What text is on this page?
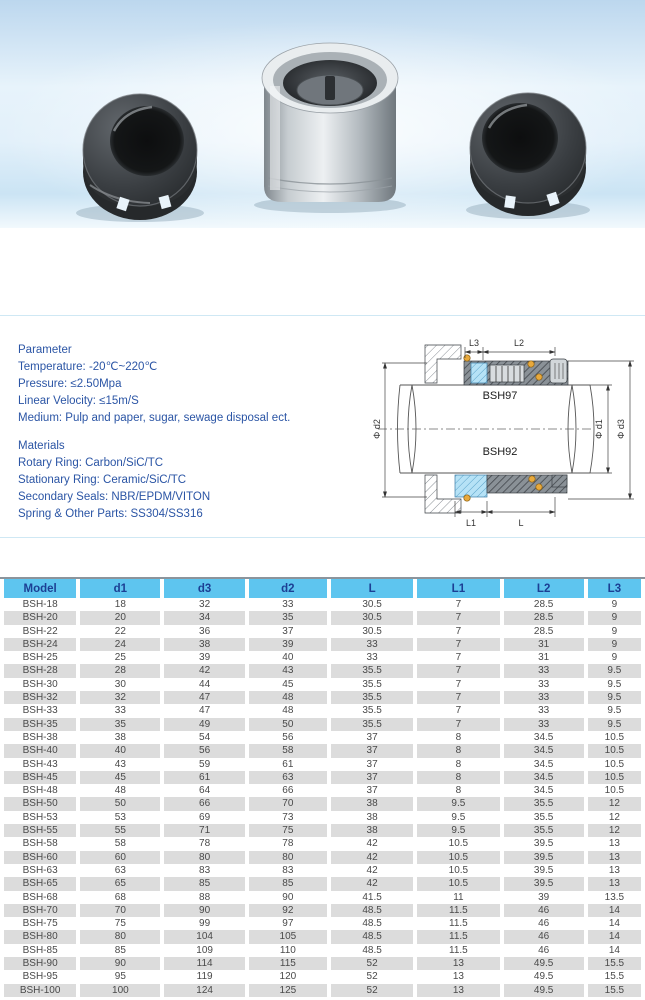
Parameter
Temperature: -20℃~220℃
Pressure: ≤2.50Mpa
Linear Velocity: ≤15m/S
Medium: Pulp and paper, sugar, sewage disposal ect.
Materials
Rotary Ring: Carbon/SiC/TC
Stationary Ring: Ceramic/SiC/TC
Secondary Seals: NBR/EPDM/VITON
Spring & Other Parts: SS304/SS316
L3	L2
L1	L
Φ d2	Φ d1 Φ d3
BSH97
BSH92
Model	d1	d3	d2	L	L1	L2	L3
BSH-18	18	32	33	30.5	7	28.5	9
BSH-20	20	34	35	30.5	7	28.5	9
BSH-22	22	36	37	30.5	7	28.5	9
BSH-24	24	38	39	33	7	31	9
BSH-25	25	39	40	33	7	31	9
BSH-28	28	42	43	35.5	7	33	9.5
BSH-30	30	44	45	35.5	7	33	9.5
BSH-32	32	47	48	35.5	7	33	9.5
BSH-33	33	47	48	35.5	7	33	9.5
BSH-35	35	49	50	35.5	7	33	9.5
BSH-38	38	54	56	37	8	34.5	10.5
BSH-40	40	56	58	37	8	34.5	10.5
BSH-43	43	59	61	37	8	34.5	10.5
BSH-45	45	61	63	37	8	34.5	10.5
BSH-48	48	64	66	37	8	34.5	10.5
BSH-50	50	66	70	38	9.5	35.5	12
BSH-53	53	69	73	38	9.5	35.5	12
BSH-55	55	71	75	38	9.5	35.5	12
BSH-58	58	78	78	42	10.5	39.5	13
BSH-60	60	80	80	42	10.5	39.5	13
BSH-63	63	83	83	42	10.5	39.5	13
BSH-65	65	85	85	42	10.5	39.5	13
BSH-68	68	88	90	41.5	11	39	13.5
BSH-70	70	90	92	48.5	11.5	46	14
BSH-75	75	99	97	48.5	11.5	46	14
BSH-80	80	104	105	48.5	11.5	46	14
BSH-85	85	109	110	48.5	11.5	46	14
BSH-90	90	114	115	52	13	49.5	15.5
BSH-95	95	119	120	52	13	49.5	15.5
BSH-100	100	124	125	52	13	49.5	15.5
